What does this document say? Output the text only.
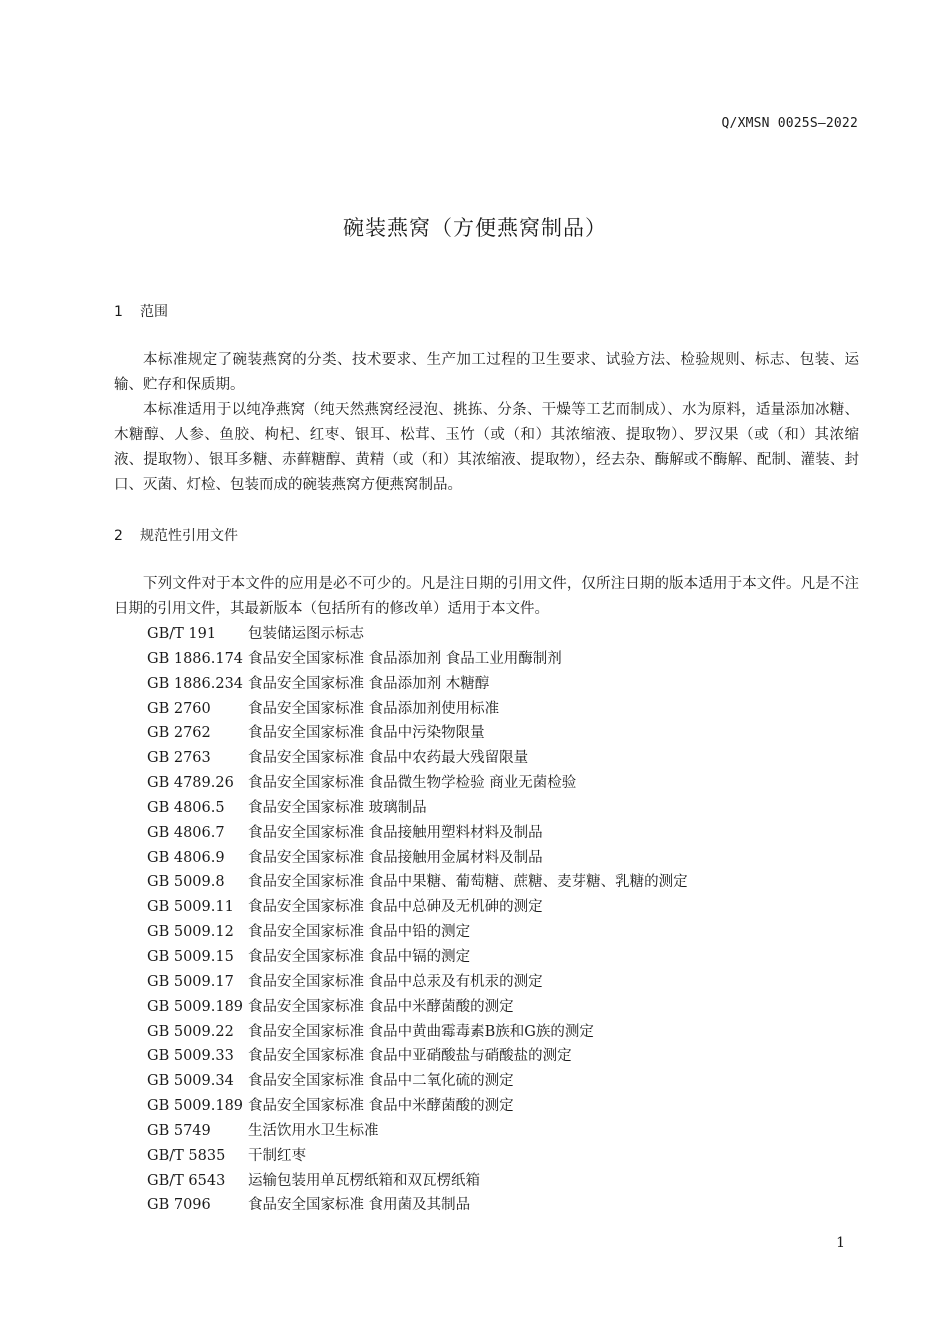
Q/XMSN 0025S—2022
碗装燕窝（方便燕窝制品）
1 范围

本标准规定了碗装燕窝的分类、技术要求、生产加工过程的卫生要求、试验方法、检验规则、标志、包装、运输、贮存和保质期。

本标准适用于以纯净燕窝（纯天然燕窝经浸泡、挑拣、分条、干燥等工艺而制成）、水为原料，适量添加冰糖、木糖醇、人参、鱼胶、枸杞、红枣、银耳、松茸、玉竹（或（和）其浓缩液、提取物）、罗汉果（或（和）其浓缩液、提取物）、银耳多糖、赤藓糖醇、黄精（或（和）其浓缩液、提取物），经去杂、酶解或不酶解、配制、灌装、封口、灭菌、灯检、包装而成的碗装燕窝方便燕窝制品。

2 规范性引用文件

下列文件对于本文件的应用是必不可少的。凡是注日期的引用文件，仅所注日期的版本适用于本文件。凡是不注日期的引用文件，其最新版本（包括所有的修改单）适用于本文件。

GB/T 191 包装储运图示标志
GB 1886.174 食品安全国家标准 食品添加剂 食品工业用酶制剂
GB 1886.234 食品安全国家标准 食品添加剂 木糖醇
GB 2760	食品安全国家标准 食品添加剂使用标准
GB 2762	食品安全国家标准 食品中污染物限量
GB 2763	食品安全国家标准 食品中农药最大残留限量
GB 4789.26 食品安全国家标准 食品微生物学检验 商业无菌检验
GB 4806.5 食品安全国家标准 玻璃制品
GB 4806.7 食品安全国家标准 食品接触用塑料材料及制品
GB 4806.9 食品安全国家标准 食品接触用金属材料及制品
GB 5009.8 食品安全国家标准 食品中果糖、葡萄糖、蔗糖、麦芽糖、乳糖的测定
GB 5009.11 食品安全国家标准 食品中总砷及无机砷的测定
GB 5009.12 食品安全国家标准 食品中铅的测定
GB 5009.15 食品安全国家标准 食品中镉的测定
GB 5009.17 食品安全国家标准 食品中总汞及有机汞的测定
GB 5009.189 食品安全国家标准 食品中米酵菌酸的测定
GB 5009.22 食品安全国家标准 食品中黄曲霉毒素B族和G族的测定
GB 5009.33 食品安全国家标准 食品中亚硝酸盐与硝酸盐的测定
GB 5009.34 食品安全国家标准 食品中二氧化硫的测定
GB 5009.189 食品安全国家标准 食品中米酵菌酸的测定
GB 5749	生活饮用水卫生标准
GB/T 5835 干制红枣
GB/T 6543 运输包装用单瓦楞纸箱和双瓦楞纸箱
GB 7096	食品安全国家标准 食用菌及其制品
1
